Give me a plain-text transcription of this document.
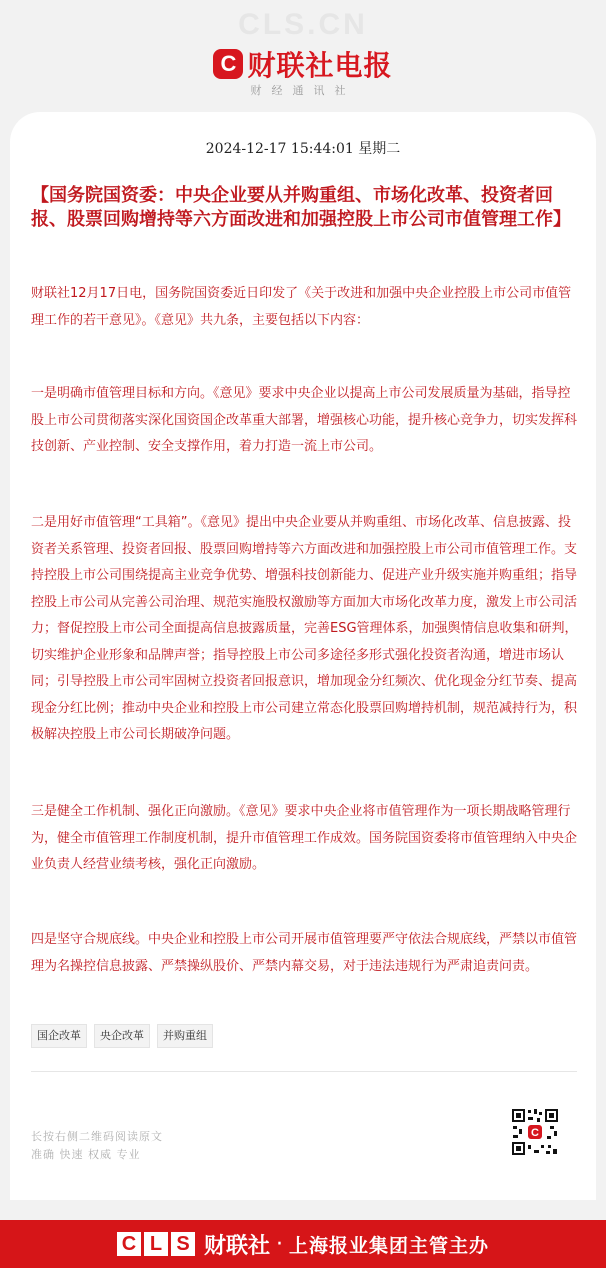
CLS.CN
C 财联社电报
财经通讯社
2024-12-17 15:44:01 星期二
【国务院国资委：中央企业要从并购重组、市场化改革、投资者回报、股票回购增持等六方面改进和加强控股上市公司市值管理工作】

财联社12月17日电，国务院国资委近日印发了《关于改进和加强中央企业控股上市公司市值管理工作的若干意见》。《意见》共九条，主要包括以下内容：

一是明确市值管理目标和方向。《意见》要求中央企业以提高上市公司发展质量为基础，指导控股上市公司贯彻落实深化国资国企改革重大部署，增强核心功能，提升核心竞争力，切实发挥科技创新、产业控制、安全支撑作用，着力打造一流上市公司。

二是用好市值管理“工具箱”。《意见》提出中央企业要从并购重组、市场化改革、信息披露、投资者关系管理、投资者回报、股票回购增持等六方面改进和加强控股上市公司市值管理工作。支持控股上市公司围绕提高主业竞争优势、增强科技创新能力、促进产业升级实施并购重组；指导控股上市公司从完善公司治理、规范实施股权激励等方面加大市场化改革力度，激发上市公司活力；督促控股上市公司全面提高信息披露质量，完善ESG管理体系，加强舆情信息收集和研判，切实维护企业形象和品牌声誉；指导控股上市公司多途径多形式强化投资者沟通，增进市场认同；引导控股上市公司牢固树立投资者回报意识，增加现金分红频次、优化现金分红节奏、提高现金分红比例；推动中央企业和控股上市公司建立常态化股票回购增持机制，规范减持行为，积极解决控股上市公司长期破净问题。

三是健全工作机制、强化正向激励。《意见》要求中央企业将市值管理作为一项长期战略管理行为，健全市值管理工作制度机制，提升市值管理工作成效。国务院国资委将市值管理纳入中央企业负责人经营业绩考核，强化正向激励。

四是坚守合规底线。中央企业和控股上市公司开展市值管理要严守依法合规底线，严禁以市值管理为名操控信息披露、严禁操纵股价、严禁内幕交易，对于违法违规行为严肃追责问责。

国企改革	央企改革	并购重组
长按右侧二维码阅读原文
准确 快速 权威 专业
C
C L S 财联社 · 上海报业集团主管主办
